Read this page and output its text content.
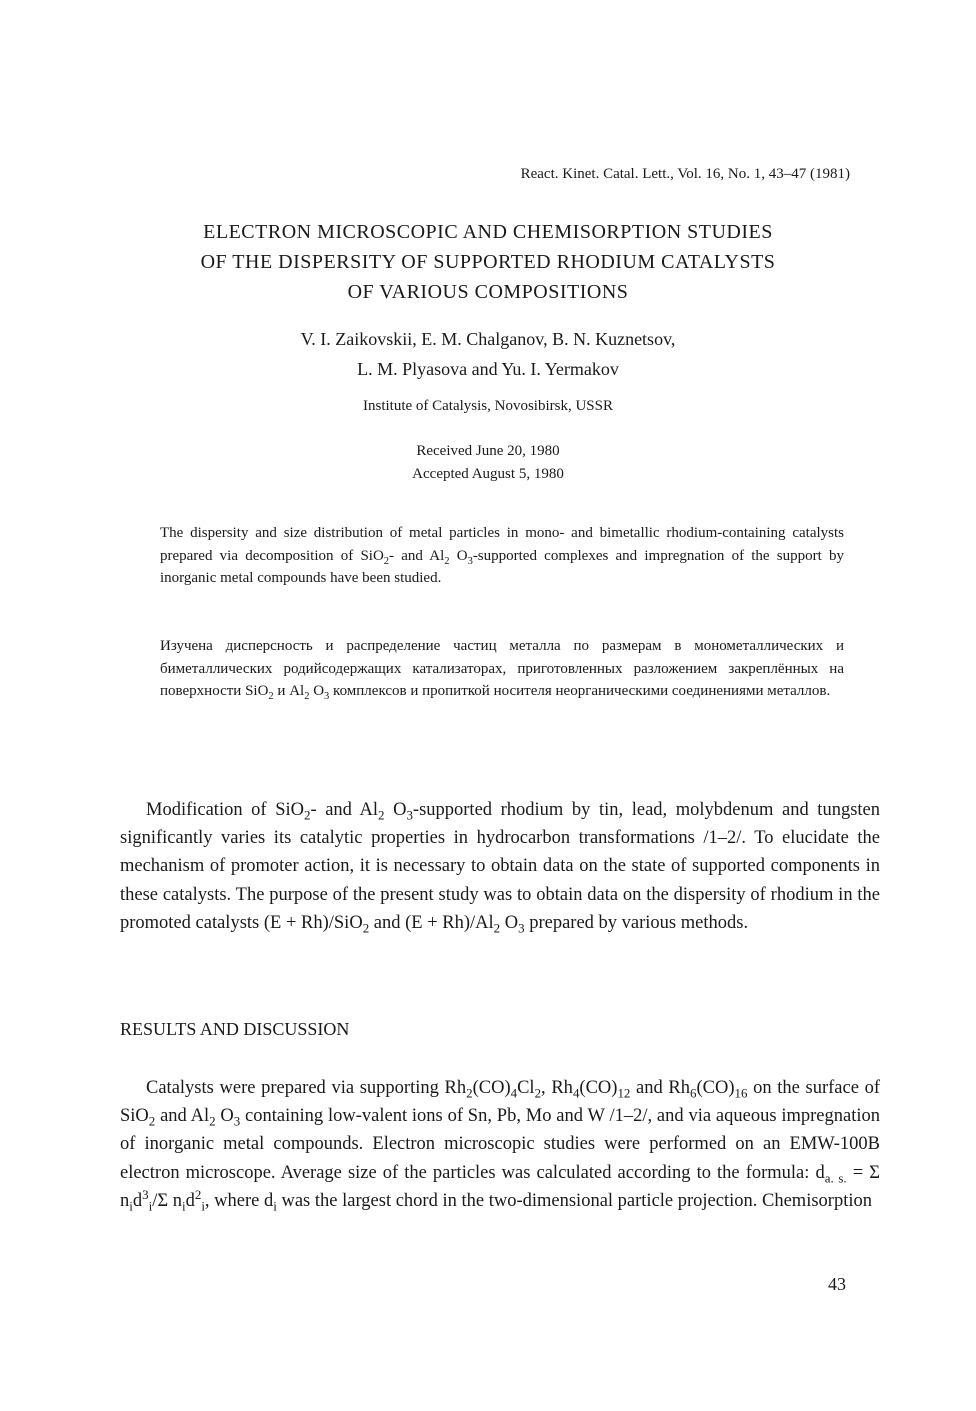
React. Kinet. Catal. Lett., Vol. 16, No. 1, 43–47 (1981)
ELECTRON MICROSCOPIC AND CHEMISORPTION STUDIES
OF THE DISPERSITY OF SUPPORTED RHODIUM CATALYSTS
OF VARIOUS COMPOSITIONS
V. I. Zaikovskii, E. M. Chalganov, B. N. Kuznetsov,
L. M. Plyasova and Yu. I. Yermakov
Institute of Catalysis, Novosibirsk, USSR
Received June 20, 1980
Accepted August 5, 1980
The dispersity and size distribution of metal particles in mono- and bimetallic rhodium-containing catalysts prepared via decomposition of SiO$_2$- and $Al_2$ $O_3$-supported complexes and impregnation of the support by inorganic metal compounds have been studied.
Изучена дисперсность и распределение частиц металла по размерам в монометаллических и биметаллических родийсодержащих катализаторах, приготовленных разложением закреплённых на поверхности SiO$_2$ и $Al_2$ $O_3$ комплексов и пропиткой носителя неорганическими соединениями металлов.
Modification of SiO$_2$- and $Al_2$ $O_3$-supported rhodium by tin, lead, molybdenum and tungsten significantly varies its catalytic properties in hydrocarbon transformations /1–2/. To elucidate the mechanism of promoter action, it is necessary to obtain data on the state of supported components in these catalysts. The purpose of the present study was to obtain data on the dispersity of rhodium in the promoted catalysts (E + Rh)/SiO$_2$ and $(E + Rh)/Al_2$ $O_3$ prepared by various methods.
RESULTS AND DISCUSSION
Catalysts were prepared via supporting $Rh_2(CO)_4Cl_2$, $Rh_4(CO)_{12}$ and $Rh_6(CO)_{16}$ on the surface of SiO$_2$ and $Al_2$ $O_3$ containing low-valent ions of Sn, Pb, Mo and W /1–2/, and via aqueous impregnation of inorganic metal compounds. Electron microscopic studies were performed on an EMW-100B electron microscope. Average size of the particles was calculated according to the formula: $d_{a. s.} = \Sigma$ $n_id^3_i/\Sigma$ $n_id^2_i$, where $d_i$ was the largest chord in the two-dimensional particle projection. Chemisorption
43
